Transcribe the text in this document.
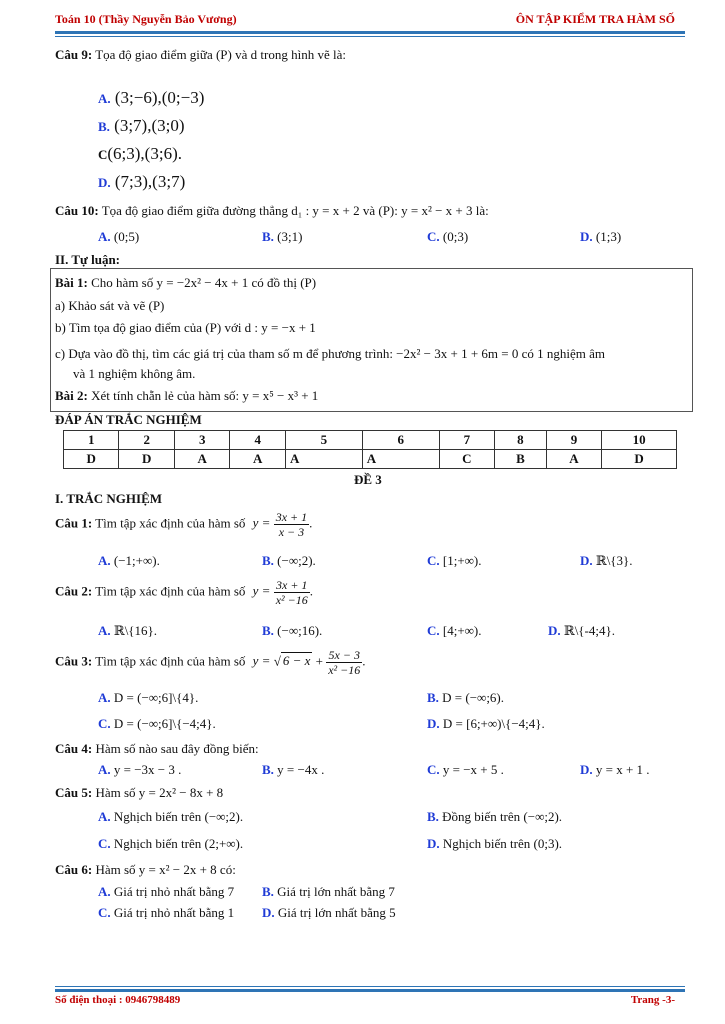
Toán 10 (Thầy Nguyễn Bảo Vương)	ÔN TẬP KIỂM TRA HÀM SỐ
Câu 9: Tọa độ giao điểm giữa (P) và d trong hình vẽ là:
A. (3;−6),(0;−3)
B. (3;7),(3;0)
C(6;3),(3;6).
D. (7;3),(3;7)
Câu 10: Tọa độ giao điểm giữa đường thẳng d₁ : y = x + 2 và (P): y = x² − x + 3 là:
A. (0;5)	B. (3;1)	C. (0;3)	D. (1;3)
II. Tự luận:
Bài 1: Cho hàm số y = −2x² − 4x + 1 có đồ thị (P)
a) Khảo sát và vẽ (P)
b) Tìm tọa độ giao điểm của (P) với d : y = −x + 1
c) Dựa vào đồ thị, tìm các giá trị của tham số m để phương trình: −2x² − 3x + 1 + 6m = 0 có 1 nghiệm âm
và 1 nghiệm không âm.
Bài 2: Xét tính chẵn lẻ của hàm số: y = x⁵ − x³ + 1
ĐÁP ÁN TRẮC NGHIỆM
1	2	3	4	5	6	7	8	9	10
D	D	A	A	A	A	C	B	A	D
ĐỀ 3
I. TRẮC NGHIỆM
Câu 1: Tìm tập xác định của hàm số $y = \frac{3x + 1}{x - 3}$ .
A. (−1;+∞).	B. (−∞;2).	C. [1;+∞).	D. ℝ\{3}.
Câu 2: Tìm tập xác định của hàm số $y = \frac{3x + 1}{\text{x² −16}}$ .
A. ℝ\{16}.	B. (−∞;16).	C. [4;+∞).	D. ℝ\{-4;4}.
Câu 3: Tìm tập xác định của hàm số y = √ $6 - x + \frac{5x - 3}{\text{x² −16}}$ .
A. D = (−∞;6]\{4}.	B. D = (−∞;6).
C. D = (−∞;6]\{−4;4}.	D. D = [6;+∞)\{−4;4}.
Câu 4: Hàm số nào sau đây đồng biến:
A. y = −3x − 3 .	B. y = −4x .	C. y = −x + 5 .	D. y = x + 1 .
Câu 5: Hàm số y = 2x² − 8x + 8
A. Nghịch biến trên (−∞;2).	B. Đồng biến trên (−∞;2).
C. Nghịch biến trên (2;+∞).	D. Nghịch biến trên (0;3).
Câu 6: Hàm số y = x² − 2x + 8 có:
A. Giá trị nhỏ nhất bằng 7 B. Giá trị lớn nhất bằng 7
C. Giá trị nhỏ nhất bằng 1 D. Giá trị lớn nhất bằng 5
Số điện thoại : 0946798489	Trang -3-
